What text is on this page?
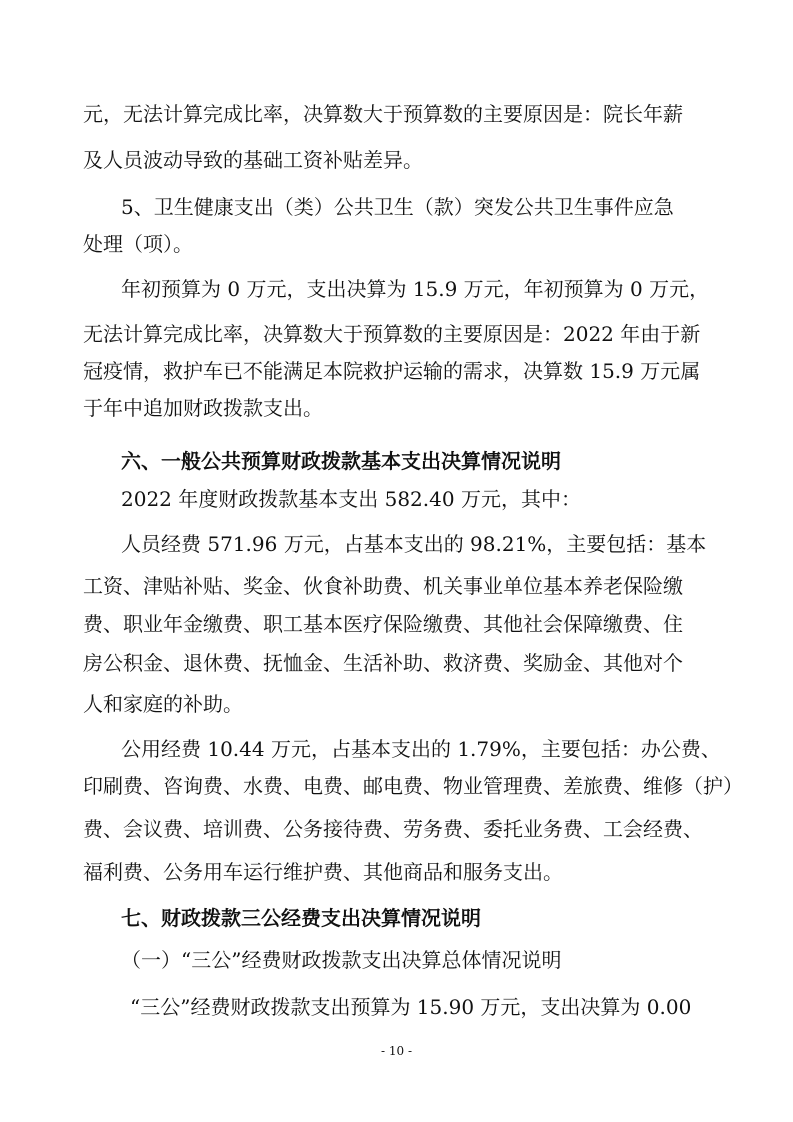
元，无法计算完成比率，决算数大于预算数的主要原因是：院长年薪

及人员波动导致的基础工资补贴差异。

5、卫生健康支出（类）公共卫生（款）突发公共卫生事件应急

处理（项）。

年初预算为 0 万元，支出决算为 15.9 万元，年初预算为 0 万元，

无法计算完成比率，决算数大于预算数的主要原因是：2022 年由于新

冠疫情，救护车已不能满足本院救护运输的需求，决算数 15.9 万元属

于年中追加财政拨款支出。

六、一般公共预算财政拨款基本支出决算情况说明

2022 年度财政拨款基本支出 582.40 万元，其中：

人员经费 571.96 万元，占基本支出的 98.21%，主要包括：基本

工资、津贴补贴、奖金、伙食补助费、机关事业单位基本养老保险缴

费、职业年金缴费、职工基本医疗保险缴费、其他社会保障缴费、住

房公积金、退休费、抚恤金、生活补助、救济费、奖励金、其他对个

人和家庭的补助。

公用经费 10.44 万元，占基本支出的 1.79%，主要包括：办公费、

印刷费、咨询费、水费、电费、邮电费、物业管理费、差旅费、维修（护）

费、会议费、培训费、公务接待费、劳务费、委托业务费、工会经费、

福利费、公务用车运行维护费、其他商品和服务支出。

七、财政拨款三公经费支出决算情况说明

（一）“三公”经费财政拨款支出决算总体情况说明

“三公”经费财政拨款支出预算为 15.90 万元，支出决算为 0.00

- 10 -
